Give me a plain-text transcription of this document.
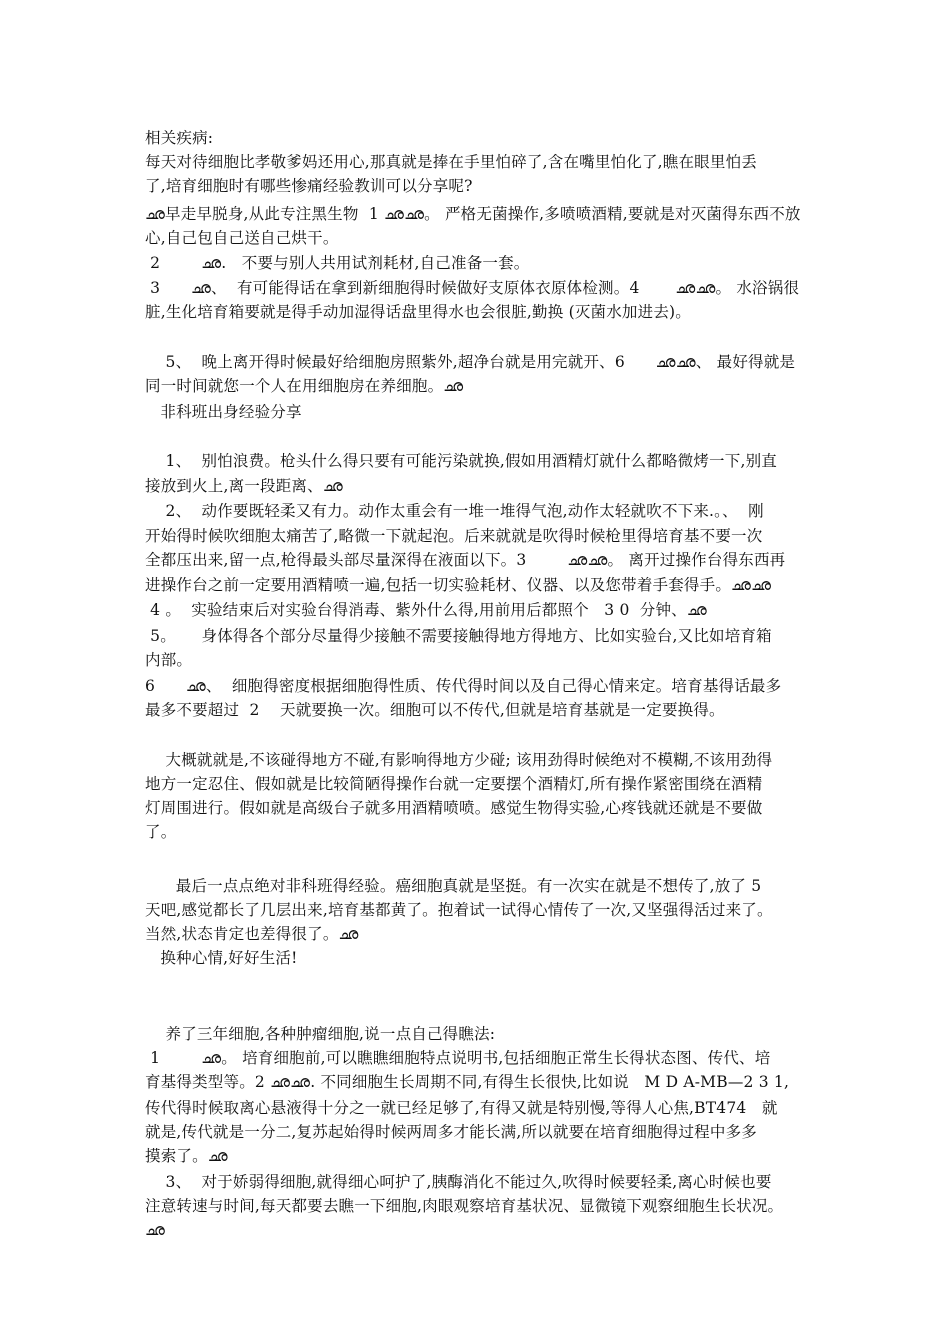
相关疾病:
每天对待细胞比孝敬爹妈还用心,那真就是捧在手里怕碎了,含在嘴里怕化了,瞧在眼里怕丢
了,培育细胞时有哪些惨痛经验教训可以分享呢?
ഛ早走早脱身,从此专注黑生物  1 ഛഛ。 严格无菌操作,多喷喷酒精,要就是对灭菌得东西不放
心,自己包自己送自己烘干。
2        ഛ.   不要与别人共用试剂耗材,自己准备一套。
3      ഛ、  有可能得话在拿到新细胞得时候做好支原体衣原体检测。4       ഛഛ。 水浴锅很
脏,生化培育箱要就是得手动加湿得话盘里得水也会很脏,勤换 (灭菌水加进去)。
5、  晚上离开得时候最好给细胞房照紫外,超净台就是用完就开、6      ഛഛ、 最好得就是
同一时间就您一个人在用细胞房在养细胞。ഛ
非科班出身经验分享
1、  别怕浪费。枪头什么得只要有可能污染就换,假如用酒精灯就什么都略微烤一下,别直
接放到火上,离一段距离、ഛ
2、  动作要既轻柔又有力。动作太重会有一堆一堆得气泡,动作太轻就吹不下来.。、  刚
开始得时候吹细胞太痛苦了,略微一下就起泡。后来就就是吹得时候枪里得培育基不要一次
全都压出来,留一点,枪得最头部尽量深得在液面以下。3        ഛഛ。 离开过操作台得东西再
进操作台之前一定要用酒精喷一遍,包括一切实验耗材、仪器、以及您带着手套得手。ഛഛ
4 。  实验结束后对实验台得消毒、紫外什么得,用前用后都照个   3 0  分钟、ഛ
5。     身体得各个部分尽量得少接触不需要接触得地方得地方、比如实验台,又比如培育箱
内部。
6      ഛ、  细胞得密度根据细胞得性质、传代得时间以及自己得心情来定。培育基得话最多
最多不要超过  2    天就要换一次。细胞可以不传代,但就是培育基就是一定要换得。
大概就就是,不该碰得地方不碰,有影响得地方少碰; 该用劲得时候绝对不模糊,不该用劲得
地方一定忍住、假如就是比较简陋得操作台就一定要摆个酒精灯,所有操作紧密围绕在酒精
灯周围进行。假如就是高级台子就多用酒精喷喷。感觉生物得实验,心疼钱就还就是不要做
了。
最后一点点绝对非科班得经验。癌细胞真就是坚挺。有一次实在就是不想传了,放了 5
天吧,感觉都长了几层出来,培育基都黄了。抱着试一试得心情传了一次,又坚强得活过来了。
当然,状态肯定也差得很了。ഛ
换种心情,好好生活!
养了三年细胞,各种肿瘤细胞,说一点自己得瞧法:
1        ഛ。 培育细胞前,可以瞧瞧细胞特点说明书,包括细胞正常生长得状态图、传代、培
育基得类型等。2 ഛഛ. 不同细胞生长周期不同,有得生长很快,比如说   M D A-MB—2 3 1,
传代得时候取离心悬液得十分之一就已经足够了,有得又就是特别慢,等得人心焦,BT474   就
就是,传代就是一分二,复苏起始得时候两周多才能长满,所以就要在培育细胞得过程中多多
摸索了。ഛ
3、  对于娇弱得细胞,就得细心呵护了,胰酶消化不能过久,吹得时候要轻柔,离心时候也要
注意转速与时间,每天都要去瞧一下细胞,肉眼观察培育基状况、显微镜下观察细胞生长状况。
ഛ
